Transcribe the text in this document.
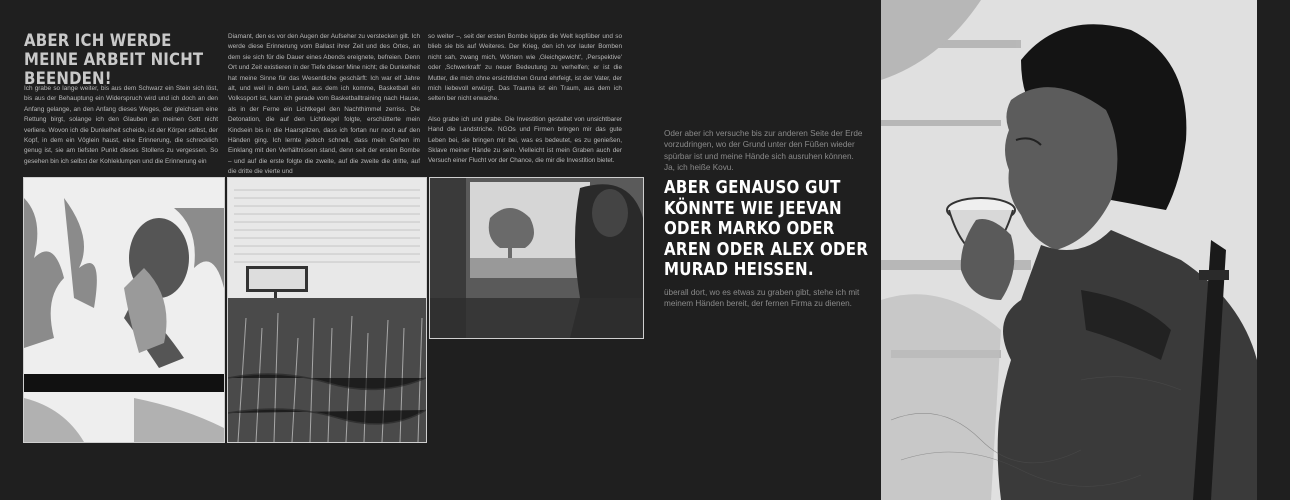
ABER ICH WERDE MEINE ARBEIT NICHT BEENDEN!

Ich grabe so lange weiter, bis aus dem Schwarz ein Stein sich löst, bis aus der Behauptung ein Widerspruch wird und ich doch an den Anfang gelange, an den Anfang dieses Weges, der gleichsam eine Rettung birgt, solange ich den Glauben an meinen Gott nicht verliere. Wovon ich die Dunkelheit scheide, ist der Körper selbst, der Kopf, in dem ein Vöglein haust, eine Erinnerung, die schrecklich genug ist, sie am tiefsten Punkt dieses Stollens zu vergessen. So gesehen bin ich selbst der Kohleklumpen und die Erinnerung ein

Diamant, den es vor den Augen der Aufseher zu verstecken gilt. Ich werde diese Erinnerung vom Ballast ihrer Zeit und des Ortes, an dem sie sich für die Dauer eines Abends ereignete, befreien. Denn Ort und Zeit existieren in der Tiefe dieser Mine nicht; die Dunkelheit hat meine Sinne für das Wesentliche geschärft: Ich war elf Jahre alt, und weil in dem Land, aus dem ich komme, Basketball ein Volkssport ist, kam ich gerade vom Basketballtraining nach Hause, als in der Ferne ein Lichtkegel den Nachthimmel zerriss. Die Detonation, die auf den Lichtkegel folgte, erschütterte mein Kindsein bis in die Haarspitzen, dass ich fortan nur noch auf den Händen ging. Ich lernte jedoch schnell, dass mein Gehen im Einklang mit den Verhältnissen stand, denn seit der ersten Bombe – und auf die erste folgte die zweite, auf die zweite die dritte, auf die dritte die vierte und

so weiter –, seit der ersten Bombe kippte die Welt kopfüber und so blieb sie bis auf Weiteres. Der Krieg, den ich vor lauter Bomben nicht sah, zwang mich, Wörtern wie ‚Gleichgewicht', ‚Perspektive' oder ‚Schwerkraft' zu neuer Bedeutung zu verhelfen; er ist die Mutter, die mich ohne ersichtlichen Grund ehrfeigt, ist der Vater, der mich liebevoll erwürgt. Das Trauma ist ein Traum, aus dem ich selten ber nicht erwache.

Also grabe ich und grabe. Die Investition gestaltet von unsichtbarer Hand die Landstriche. NGOs und Firmen bringen mir das gute Leben bei, sie bringen mir bei, was es bedeutet, es zu genießen, Sklave meiner Hände zu sein. Vielleicht ist mein Graben auch der Versuch einer Flucht vor der Chance, die mir die Investition bietet.

Oder aber ich versuche bis zur anderen Seite der Erde vorzudringen, wo der Grund unter den Füßen wieder spürbar ist und meine Hände sich ausruhen können. Ja, ich heiße Kovu.

ABER GENAUSO GUT KÖNNTE WIE JEEVAN ODER MARKO ODER AREN ODER ALEX ODER MURAD HEISSEN.

überall dort, wo es etwas zu graben gibt, stehe ich mit meinem Händen bereit, der fernen Firma zu dienen.
